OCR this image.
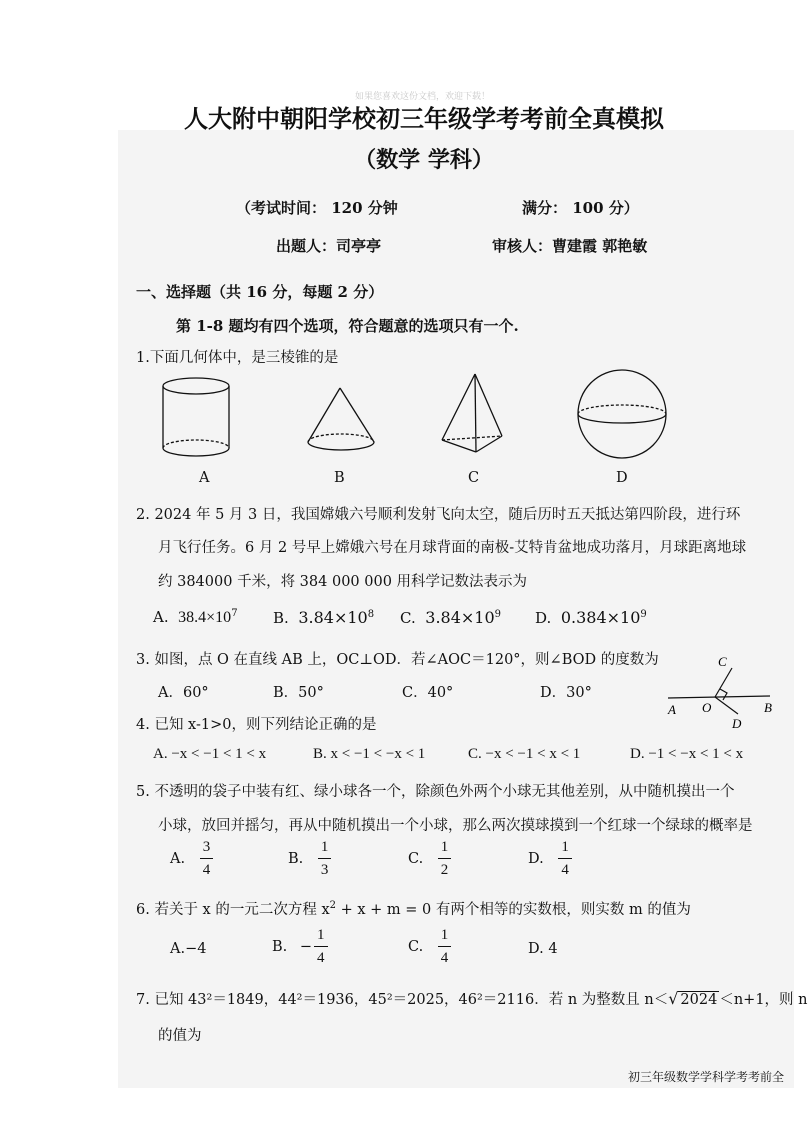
如果您喜欢这份文档，欢迎下载！
人大附中朝阳学校初三年级学考考前全真模拟
（数学 学科）
（考试时间： 120 分钟	满分： 100 分）
出题人：司亭亭	审核人：曹建霞 郭艳敏
一、选择题（共 16 分，每题 2 分）
第 1-8 题均有四个选项，符合题意的选项只有一个.
1.下面几何体中，是三棱锥的是
A	B	C	D
2. 2024 年 5 月 3 日，我国嫦娥六号顺利发射飞向太空，随后历时五天抵达第四阶段，进行环
月飞行任务。6 月 2 号早上嫦娥六号在月球背面的南极-艾特肯盆地成功落月，月球距离地球
约 384000 千米，将 384 000 000 用科学记数法表示为
A. $38.4\times 10^7$ B. $3.84\times 10^8$ C. $3.84\times 10^9$ D. $0.384\times 10^9$
3. 如图，点 O 在直线 AB 上，OC⊥OD．若∠AOC＝120°，则∠BOD 的度数为
A．60°	B．50°	C．40°	D．30°
A	B
C
D
O
4. 已知 x-1>0，则下列结论正确的是
A. −x < −1 < 1 < x	B. x < −1 < −x < 1	C. −x < −1 < x < 1	D. −1 < −x < 1 < x
5. 不透明的袋子中装有红、绿小球各一个，除颜色外两个小球无其他差别，从中随机摸出一个
小球，放回并摇匀，再从中随机摸出一个小球，那么两次摸球摸到一个红球一个绿球的概率是
A. $\frac{3}{4}$	B. $\frac{1}{3}$	C. $\frac{1}{2}$	D. $\frac{1}{4}$
6. 若关于 x 的一元二次方程 $x^2 + x + m = 0$ 有两个相等的实数根，则实数 m 的值为
A.−4	B. − $\frac{1}{4}$	C. $\frac{1}{4}$	D. 4
7. 已知 43²＝1849，44²＝1936，45²＝2025，46²＝2116．若 n 为整数且 n＜√ 2024 ＜n+1，则 n
的值为
初三年级数学学科学考考前全
